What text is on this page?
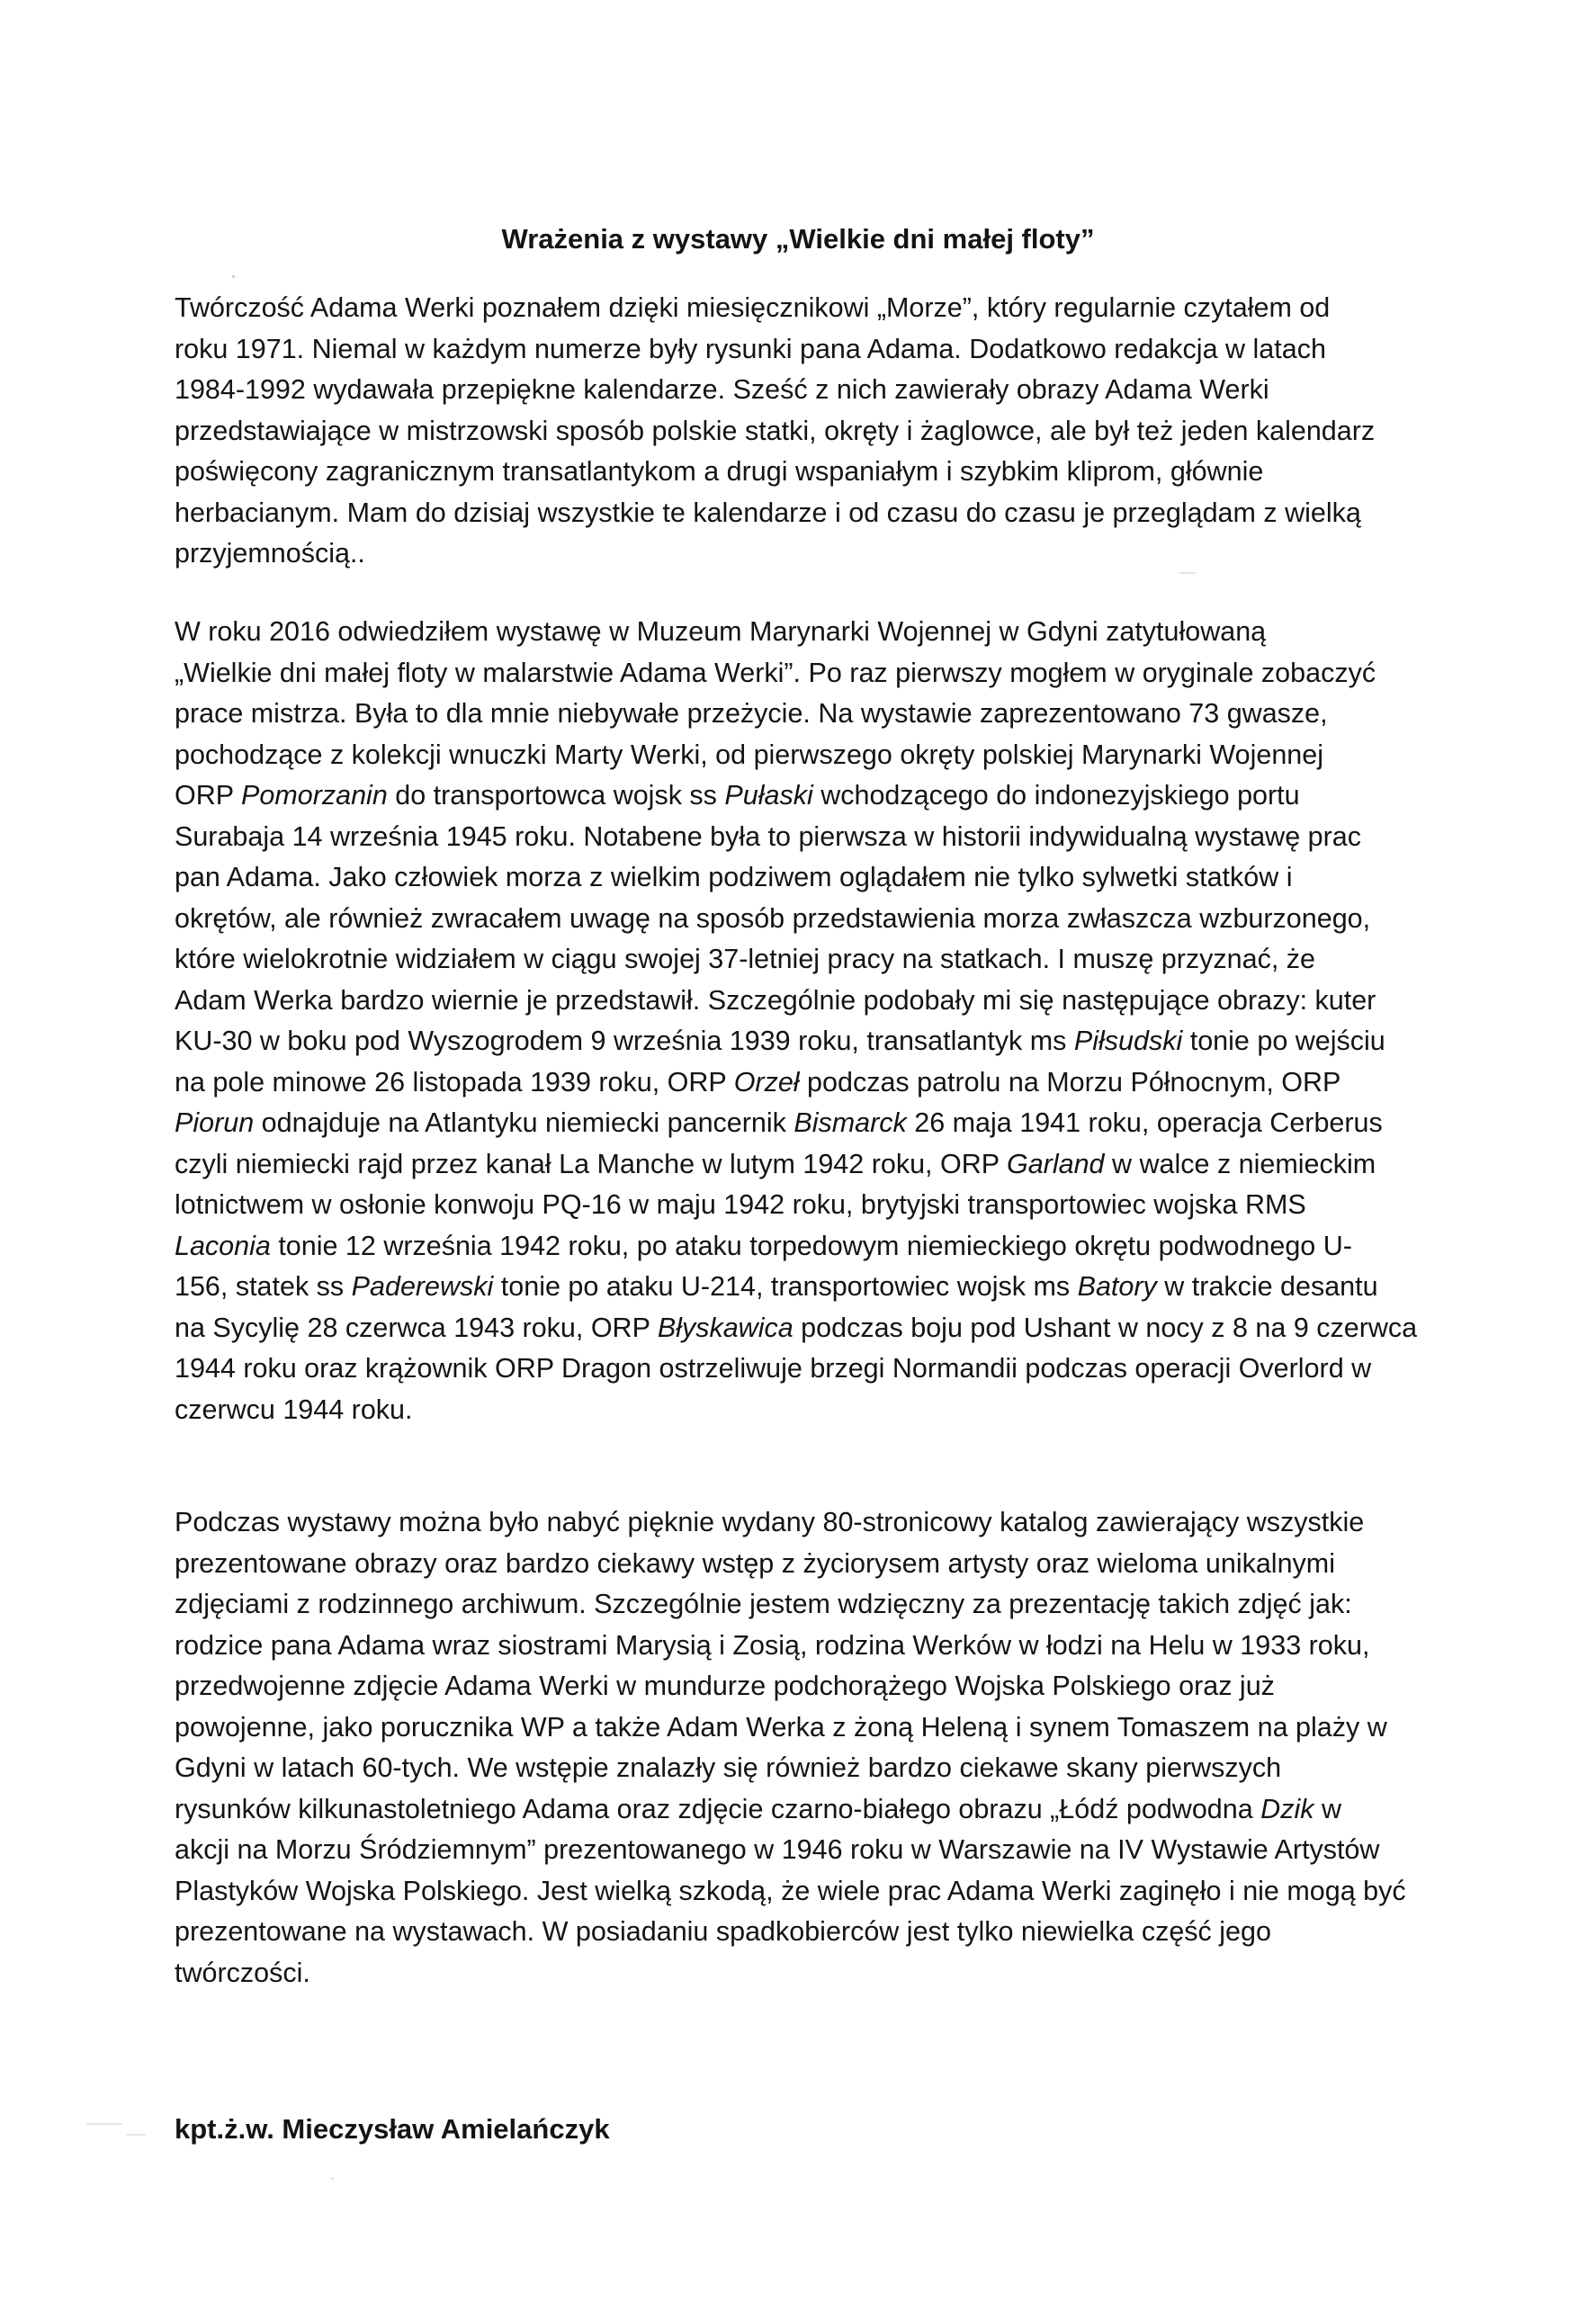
Wrażenia z wystawy „Wielkie dni małej floty”
Twórczość Adama Werki poznałem dzięki miesięcznikowi „Morze”, który regularnie czytałem od
roku 1971. Niemal w każdym numerze były rysunki pana Adama. Dodatkowo redakcja w latach
1984-1992 wydawała przepiękne kalendarze. Sześć z nich zawierały obrazy Adama Werki
przedstawiające w mistrzowski sposób polskie statki, okręty i żaglowce, ale był też jeden kalendarz
poświęcony zagranicznym transatlantykom a drugi wspaniałym i szybkim kliprom, głównie
herbacianym. Mam do dzisiaj wszystkie te kalendarze i od czasu do czasu je przeglądam z wielką
przyjemnością..
W roku 2016 odwiedziłem wystawę w Muzeum Marynarki Wojennej w Gdyni zatytułowaną
„Wielkie dni małej floty w malarstwie Adama Werki”. Po raz pierwszy mogłem w oryginale zobaczyć
prace mistrza. Była to dla mnie niebywałe przeżycie. Na wystawie zaprezentowano 73 gwasze,
pochodzące z kolekcji wnuczki Marty Werki, od pierwszego okręty polskiej Marynarki Wojennej
ORP Pomorzanin do transportowca wojsk ss Pułaski wchodzącego do indonezyjskiego portu
Surabaja 14 września 1945 roku. Notabene była to pierwsza w historii indywidualną wystawę prac
pan Adama. Jako człowiek morza z wielkim podziwem oglądałem nie tylko sylwetki statków i
okrętów, ale również zwracałem uwagę na sposób przedstawienia morza zwłaszcza wzburzonego,
które wielokrotnie widziałem w ciągu swojej 37-letniej pracy na statkach. I muszę przyznać, że
Adam Werka bardzo wiernie je przedstawił. Szczególnie podobały mi się następujące obrazy: kuter
KU-30 w boku pod Wyszogrodem 9 września 1939 roku, transatlantyk ms Piłsudski tonie po wejściu
na pole minowe 26 listopada 1939 roku, ORP Orzeł podczas patrolu na Morzu Północnym, ORP
Piorun odnajduje na Atlantyku niemiecki pancernik Bismarck 26 maja 1941 roku, operacja Cerberus
czyli niemiecki rajd przez kanał La Manche w lutym 1942 roku, ORP Garland w walce z niemieckim
lotnictwem w osłonie konwoju PQ-16 w maju 1942 roku, brytyjski transportowiec wojska RMS
Laconia tonie 12 września 1942 roku, po ataku torpedowym niemieckiego okrętu podwodnego U-
156, statek ss Paderewski tonie po ataku U-214, transportowiec wojsk ms Batory w trakcie desantu
na Sycylię 28 czerwca 1943 roku, ORP Błyskawica podczas boju pod Ushant w nocy z 8 na 9 czerwca
1944 roku oraz krążownik ORP Dragon ostrzeliwuje brzegi Normandii podczas operacji Overlord w
czerwcu 1944 roku.
Podczas wystawy można było nabyć pięknie wydany 80-stronicowy katalog zawierający wszystkie
prezentowane obrazy oraz bardzo ciekawy wstęp z życiorysem artysty oraz wieloma unikalnymi
zdjęciami z rodzinnego archiwum. Szczególnie jestem wdzięczny za prezentację takich zdjęć jak:
rodzice pana Adama wraz siostrami Marysią i Zosią, rodzina Werków w łodzi na Helu w 1933 roku,
przedwojenne zdjęcie Adama Werki w mundurze podchorążego Wojska Polskiego oraz już
powojenne, jako porucznika WP a także Adam Werka z żoną Heleną i synem Tomaszem na plaży w
Gdyni w latach 60-tych. We wstępie znalazły się również bardzo ciekawe skany pierwszych
rysunków kilkunastoletniego Adama oraz zdjęcie czarno-białego obrazu „Łódź podwodna Dzik w
akcji na Morzu Śródziemnym” prezentowanego w 1946 roku w Warszawie na IV Wystawie Artystów
Plastyków Wojska Polskiego. Jest wielką szkodą, że wiele prac Adama Werki zaginęło i nie mogą być
prezentowane na wystawach. W posiadaniu spadkobierców jest tylko niewielka część jego
twórczości.

kpt.ż.w. Mieczysław Amielańczyk
